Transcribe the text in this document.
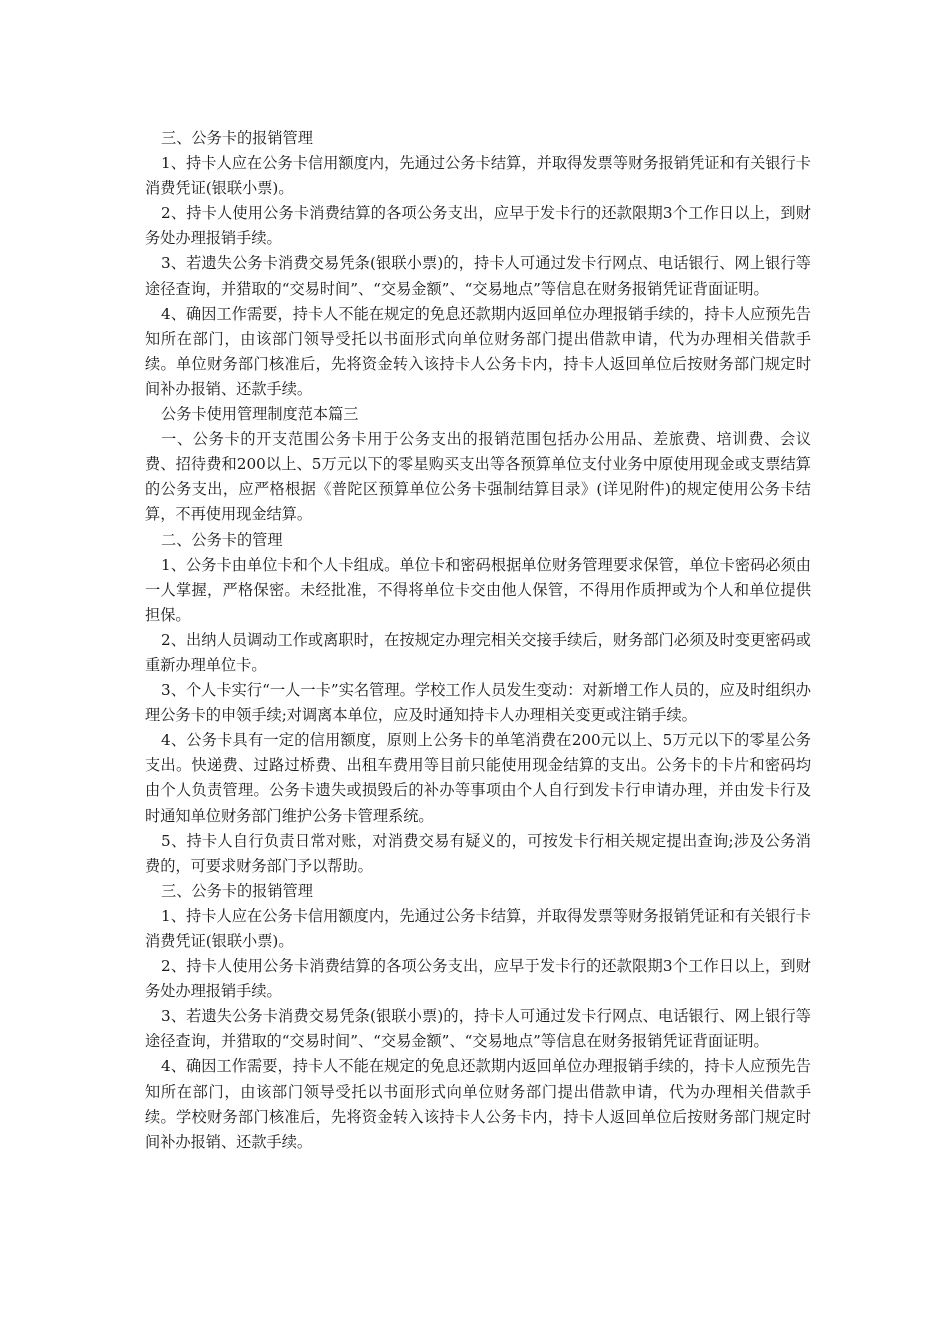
三、公务卡的报销管理

1、持卡人应在公务卡信用额度内，先通过公务卡结算，并取得发票等财务报销凭证和有关银行卡消费凭证(银联小票)。

2、持卡人使用公务卡消费结算的各项公务支出，应早于发卡行的还款限期3个工作日以上，到财务处办理报销手续。

3、若遗失公务卡消费交易凭条(银联小票)的，持卡人可通过发卡行网点、电话银行、网上银行等途径查询，并猎取的“交易时间”、“交易金额”、“交易地点”等信息在财务报销凭证背面证明。

4、确因工作需要，持卡人不能在规定的免息还款期内返回单位办理报销手续的，持卡人应预先告知所在部门，由该部门领导受托以书面形式向单位财务部门提出借款申请，代为办理相关借款手续。单位财务部门核准后，先将资金转入该持卡人公务卡内，持卡人返回单位后按财务部门规定时间补办报销、还款手续。

公务卡使用管理制度范本篇三

一、公务卡的开支范围公务卡用于公务支出的报销范围包括办公用品、差旅费、培训费、会议费、招待费和200以上、5万元以下的零星购买支出等各预算单位支付业务中原使用现金或支票结算的公务支出，应严格根据《普陀区预算单位公务卡强制结算目录》(详见附件)的规定使用公务卡结算，不再使用现金结算。

二、公务卡的管理

1、公务卡由单位卡和个人卡组成。单位卡和密码根据单位财务管理要求保管，单位卡密码必须由一人掌握，严格保密。未经批准，不得将单位卡交由他人保管，不得用作质押或为个人和单位提供担保。

2、出纳人员调动工作或离职时，在按规定办理完相关交接手续后，财务部门必须及时变更密码或重新办理单位卡。

3、个人卡实行“一人一卡”实名管理。学校工作人员发生变动：对新增工作人员的，应及时组织办理公务卡的申领手续;对调离本单位，应及时通知持卡人办理相关变更或注销手续。

4、公务卡具有一定的信用额度，原则上公务卡的单笔消费在200元以上、5万元以下的零星公务支出。快递费、过路过桥费、出租车费用等目前只能使用现金结算的支出。公务卡的卡片和密码均由个人负责管理。公务卡遗失或损毁后的补办等事项由个人自行到发卡行申请办理，并由发卡行及时通知单位财务部门维护公务卡管理系统。

5、持卡人自行负责日常对账，对消费交易有疑义的，可按发卡行相关规定提出查询;涉及公务消费的，可要求财务部门予以帮助。

三、公务卡的报销管理

1、持卡人应在公务卡信用额度内，先通过公务卡结算，并取得发票等财务报销凭证和有关银行卡消费凭证(银联小票)。

2、持卡人使用公务卡消费结算的各项公务支出，应早于发卡行的还款限期3个工作日以上，到财务处办理报销手续。

3、若遗失公务卡消费交易凭条(银联小票)的，持卡人可通过发卡行网点、电话银行、网上银行等途径查询，并猎取的“交易时间”、“交易金额”、“交易地点”等信息在财务报销凭证背面证明。

4、确因工作需要，持卡人不能在规定的免息还款期内返回单位办理报销手续的，持卡人应预先告知所在部门，由该部门领导受托以书面形式向单位财务部门提出借款申请，代为办理相关借款手续。学校财务部门核准后，先将资金转入该持卡人公务卡内，持卡人返回单位后按财务部门规定时间补办报销、还款手续。
